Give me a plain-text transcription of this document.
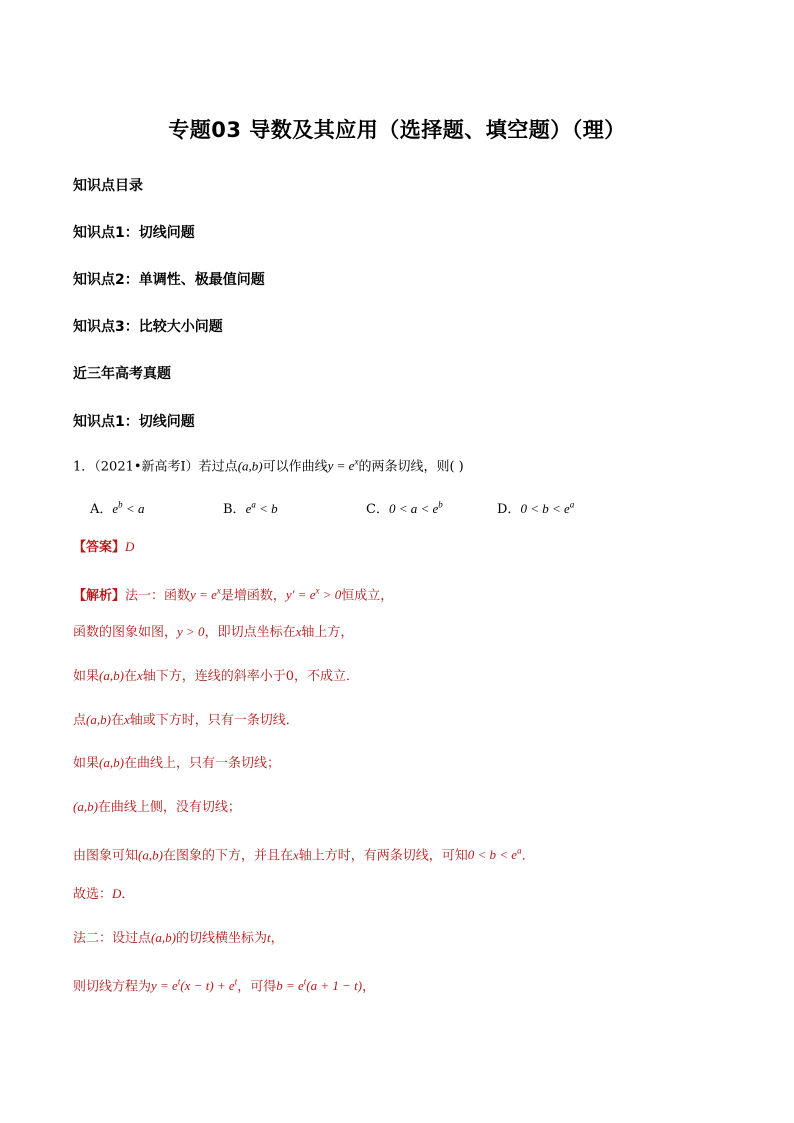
专题03 导数及其应用（选择题、填空题）（理）
知识点目录
知识点1：切线问题
知识点2：单调性、极最值问题
知识点3：比较大小问题
近三年高考真题
知识点1：切线问题
1．（2021•新高考Ⅰ）若过点(a,b)可以作曲线$y = e^x$的两条切线，则( )
A．$e^b < a$	B．$e^a < b$	C．$0 < a < e^b$	D．$0 < b < e^a$
【答案】D
【解析】法一：函数$y = e^x$是增函数，$y' = e^x > 0$恒成立，
函数的图象如图，y > 0，即切点坐标在x轴上方，
如果(a,b)在x轴下方，连线的斜率小于0，不成立．
点(a,b)在x轴或下方时，只有一条切线．
如果(a,b)在曲线上，只有一条切线；
(a,b)在曲线上侧，没有切线；
由图象可知(a,b)在图象的下方，并且在x轴上方时，有两条切线，可知$0 < b < e^a$．
故选：D．
法二：设过点(a,b)的切线横坐标为t，
则切线方程为$y = e^t(x - t) + e^t$，可得$b = e^t(a + 1 - t)$，
